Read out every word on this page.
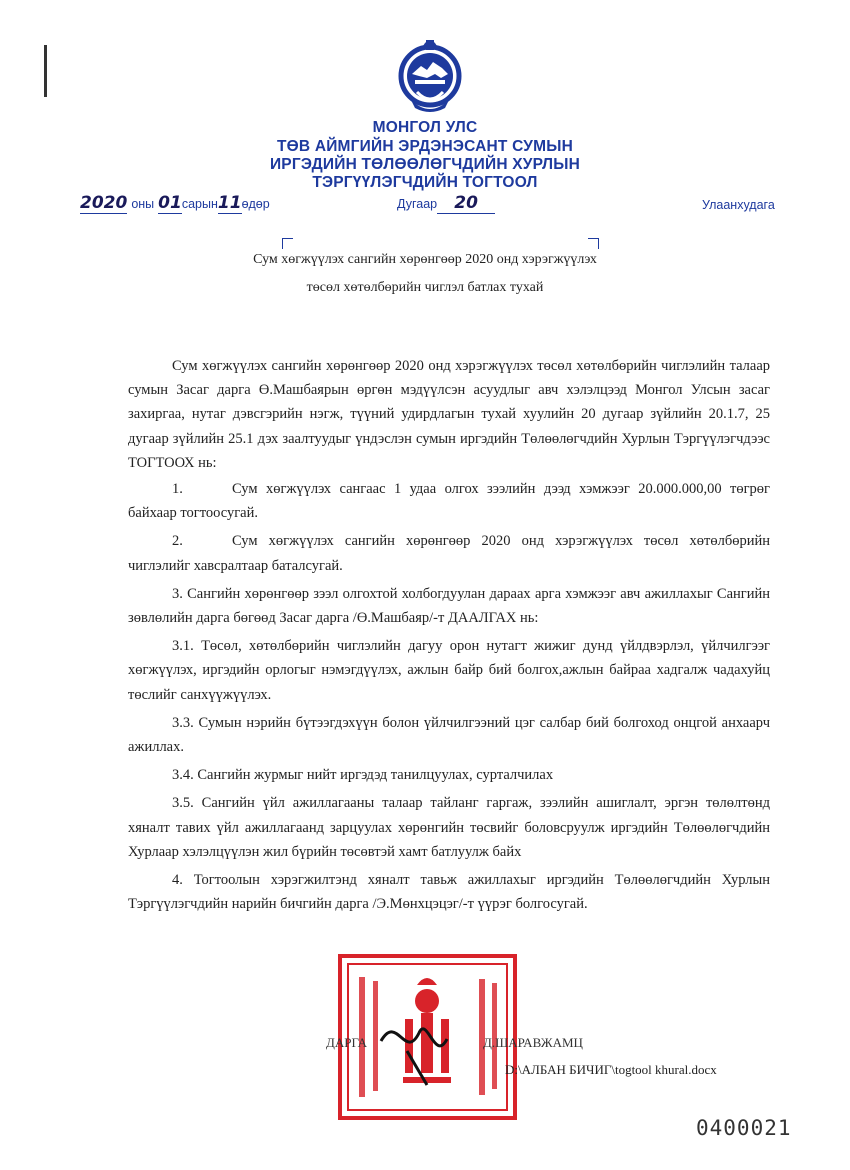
МОНГОЛ УЛС
ТӨВ АЙМГИЙН ЭРДЭНЭСАНТ СУМЫН
ИРГЭДИЙН ТӨЛӨӨЛӨГЧДИЙН ХУРЛЫН
ТЭРГҮҮЛЭГЧДИЙН ТОГТООЛ
2020 оны 01сарын11өдөр	Дугаар 20	Улаанхудага
Сум хөгжүүлэх сангийн хөрөнгөөр 2020 онд хэрэгжүүлэх
төсөл хөтөлбөрийн чиглэл батлах тухай

Сум хөгжүүлэх сангийн хөрөнгөөр 2020 онд хэрэгжүүлэх төсөл хөтөлбөрийн чиглэлийн талаар сумын Засаг дарга Ө.Машбаярын өргөн мэдүүлсэн асуудлыг авч хэлэлцээд Монгол Улсын засаг захиргаа, нутаг дэвсгэрийн нэгж, түүний удирдлагын тухай хуулийн 20 дугаар зүйлийн 20.1.7, 25 дугаар зүйлийн 25.1 дэх заалтуудыг үндэслэн сумын иргэдийн Төлөөлөгчдийн Хурлын Тэргүүлэгчдээс ТОГТООХ нь:

1.	Сум хөгжүүлэх сангаас 1 удаа олгох зээлийн дээд хэмжээг 20.000.000,00 төгрөг байхаар тогтоосугай.

2.	Сум хөгжүүлэх сангийн хөрөнгөөр 2020 онд хэрэгжүүлэх төсөл хөтөлбөрийн чиглэлийг хавсралтаар баталсугай.

3. Сангийн хөрөнгөөр зээл олгохтой холбогдуулан дараах арга хэмжээг авч ажиллахыг Сангийн зөвлөлийн дарга бөгөөд Засаг дарга /Ө.Машбаяр/-т ДААЛГАХ нь:

3.1. Төсөл, хөтөлбөрийн чиглэлийн дагуу орон нутагт жижиг дунд үйлдвэрлэл, үйлчилгээг хөгжүүлэх, иргэдийн орлогыг нэмэгдүүлэх, ажлын байр бий болгох,ажлын байраа хадгалж чадахуйц төслийг санхүүжүүлэх.

3.3. Сумын нэрийн бүтээгдэхүүн болон үйлчилгээний цэг салбар бий болгоход онцгой анхаарч ажиллах.

3.4. Сангийн журмыг нийт иргэдэд танилцуулах, сурталчилах

3.5. Сангийн үйл ажиллагааны талаар тайланг гаргаж, зээлийн ашиглалт, эргэн төлөлтөнд хяналт тавих үйл ажиллагаанд зарцуулах хөрөнгийн төсвийг боловсруулж иргэдийн Төлөөлөгчдийн Хурлаар хэлэлцүүлэн жил бүрийн төсөвтэй хамт батлуулж байх

4. Тогтоолын хэрэгжилтэнд хяналт тавьж ажиллахыг иргэдийн Төлөөлөгчдийн Хурлын Тэргүүлэгчдийн нарийн бичгийн дарга /Э.Мөнхцэцэг/-т үүрэг болгосугай.

ДАРГА	Д.ШАРАВЖАМЦ
D:\АЛБАН БИЧИГ\togtool khural.docx
0400021
